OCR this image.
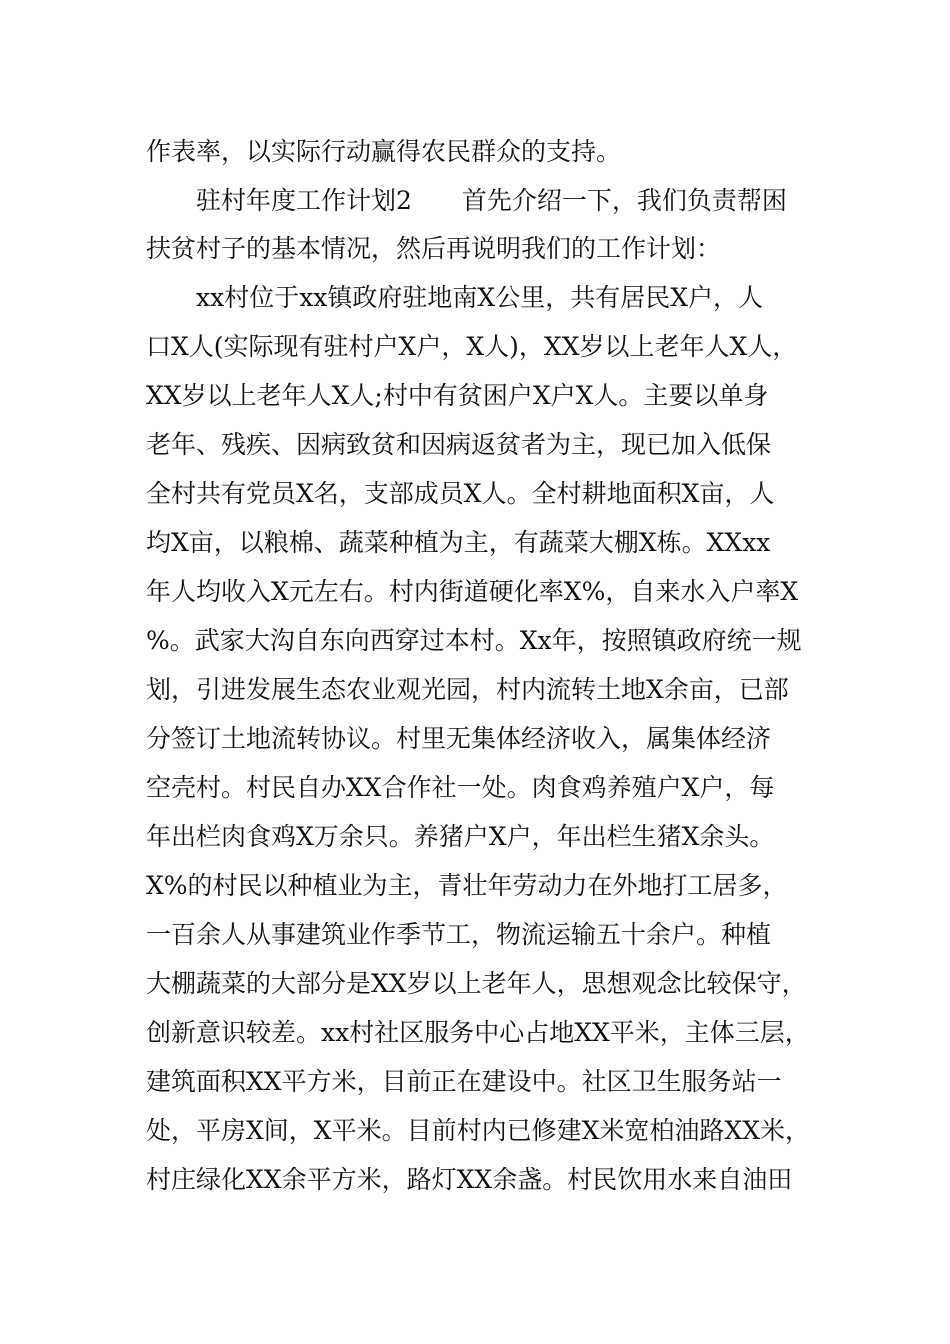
作表率，以实际行动赢得农民群众的支持。
驻村年度工作计划2　　首先介绍一下，我们负责帮困
扶贫村子的基本情况，然后再说明我们的工作计划：
xx村位于xx镇政府驻地南X公里，共有居民X户，人
口X人(实际现有驻村户X户，X人)，XX岁以上老年人X人，
XX岁以上老年人X人;村中有贫困户X户X人。主要以单身
老年、残疾、因病致贫和因病返贫者为主，现已加入低保
全村共有党员X名，支部成员X人。全村耕地面积X亩，人
均X亩，以粮棉、蔬菜种植为主，有蔬菜大棚X栋。XXxx
年人均收入X元左右。村内街道硬化率X%，自来水入户率X
%。武家大沟自东向西穿过本村。Xx年，按照镇政府统一规
划，引进发展生态农业观光园，村内流转土地X余亩，已部
分签订土地流转协议。村里无集体经济收入，属集体经济
空壳村。村民自办XX合作社一处。肉食鸡养殖户X户，每
年出栏肉食鸡X万余只。养猪户X户，年出栏生猪X余头。
X%的村民以种植业为主，青壮年劳动力在外地打工居多，
一百余人从事建筑业作季节工，物流运输五十余户。种植
大棚蔬菜的大部分是XX岁以上老年人，思想观念比较保守，
创新意识较差。xx村社区服务中心占地XX平米，主体三层，
建筑面积XX平方米，目前正在建设中。社区卫生服务站一
处，平房X间，X平米。目前村内已修建X米宽柏油路XX米，
村庄绿化XX余平方米，路灯XX余盏。村民饮用水来自油田
